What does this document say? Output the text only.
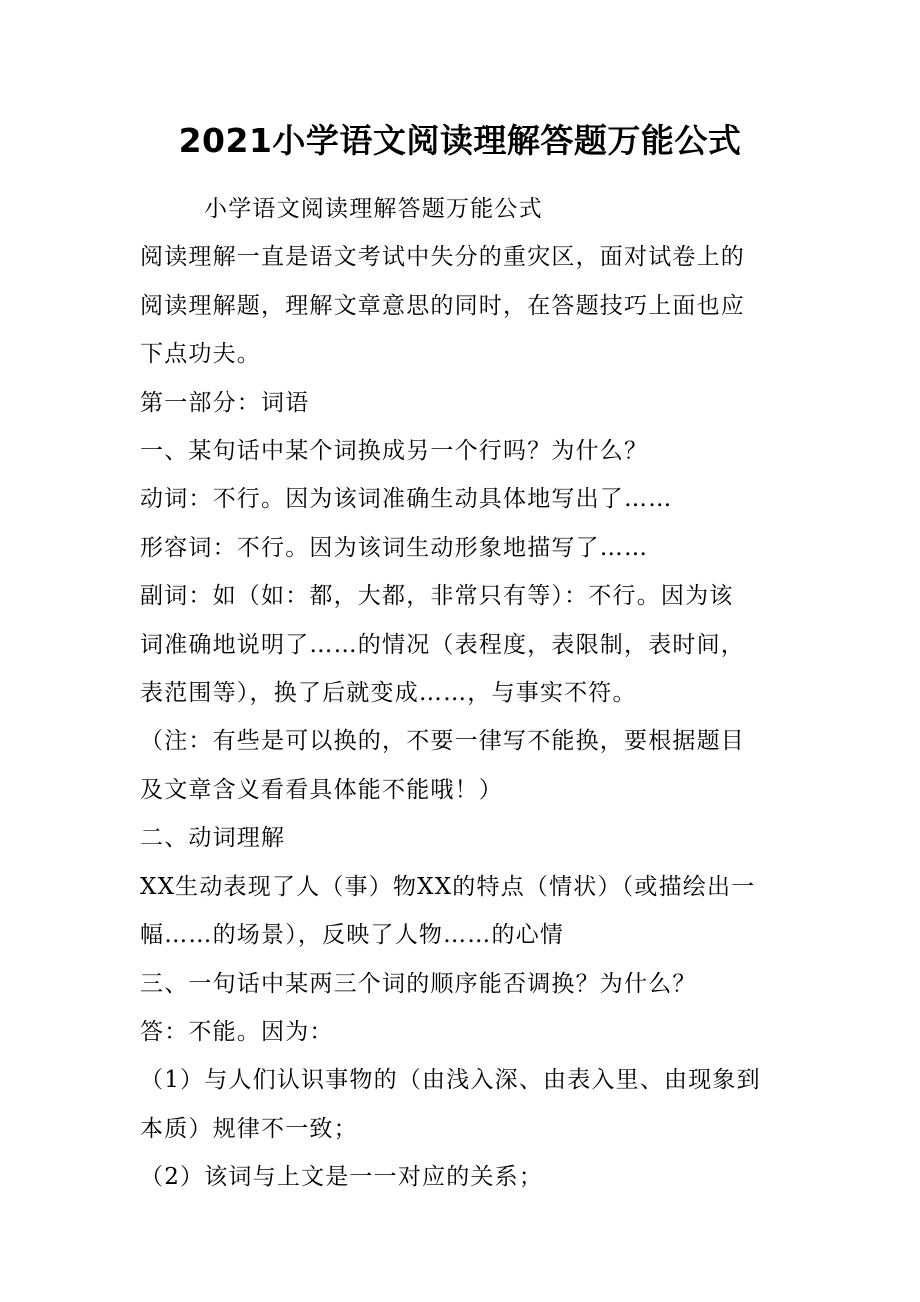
2021小学语文阅读理解答题万能公式

小学语文阅读理解答题万能公式

阅读理解一直是语文考试中失分的重灾区，面对试卷上的

阅读理解题，理解文章意思的同时，在答题技巧上面也应

下点功夫。

第一部分：词语

一、某句话中某个词换成另一个行吗？为什么？

动词：不行。因为该词准确生动具体地写出了……

形容词：不行。因为该词生动形象地描写了……

副词：如（如：都，大都，非常只有等）：不行。因为该

词准确地说明了……的情况（表程度，表限制，表时间，

表范围等），换了后就变成……，与事实不符。

（注：有些是可以换的，不要一律写不能换，要根据题目

及文章含义看看具体能不能哦！）

二、动词理解

XX生动表现了人（事）物XX的特点（情状）（或描绘出一

幅……的场景），反映了人物……的心情

三、一句话中某两三个词的顺序能否调换？为什么？

答：不能。因为：

（1）与人们认识事物的（由浅入深、由表入里、由现象到

本质）规律不一致；

（2）该词与上文是一一对应的关系；
